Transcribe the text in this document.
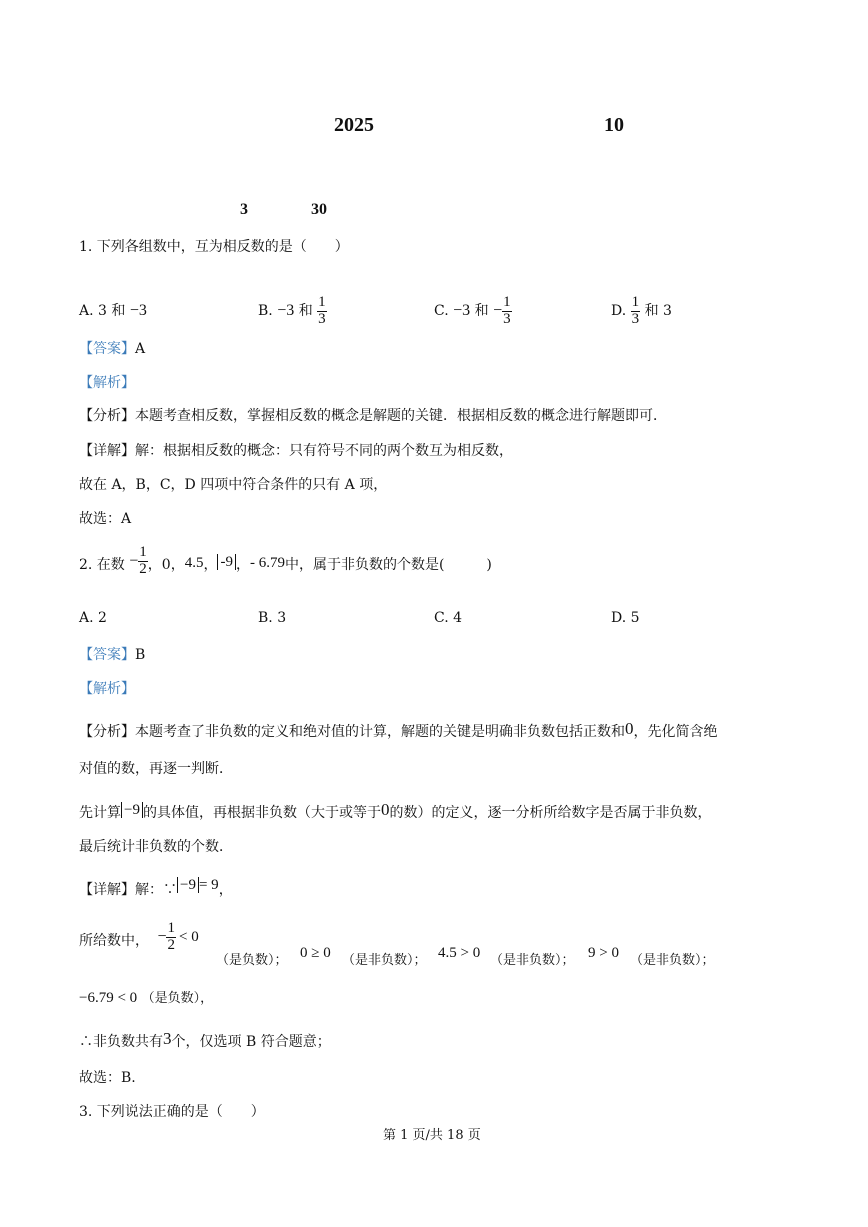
2025	10
3	30
1. 下列各组数中，互为相反数的是（　　）
A. 3 和 −3	B. −3 和 $\frac{1}{3}$	C. −3 和 − $\frac{1}{3}$	D. $\frac{1}{3}$ 和 3
【答案】A
【解析】
【分析】本题考查相反数，掌握相反数的概念是解题的关键．根据相反数的概念进行解题即可．
【详解】解：根据相反数的概念：只有符号不同的两个数互为相反数，
故在 A，B，C，D 四项中符合条件的只有 A 项，
故选：A
2. 在数 − $\frac{1}{2}$ ，0，4.5， -9 ，- 6.79中，属于非负数的个数是(　　　)
A. 2	B. 3	C. 4	D. 5
【答案】B
【解析】
【分析】本题考查了非负数的定义和绝对值的计算，解题的关键是明确非负数包括正数和0，先化简含绝
对值的数，再逐一判断．
先计算 −9 的具体值，再根据非负数（大于或等于0的数）的定义，逐一分析所给数字是否属于非负数，
最后统计非负数的个数．
【详解】解：∵ −9 = 9，
所给数中， − $\frac{1}{2} < 0$
（是负数）； 0 ≥ 0 （是非负数）； 4.5 > 0 （是非负数）； 9 > 0 （是非负数）；
−6.79 < 0 （是负数），
∴非负数共有3个，仅选项 B 符合题意；
故选：B.
3. 下列说法正确的是（　　）
第 1 页/共 18 页
